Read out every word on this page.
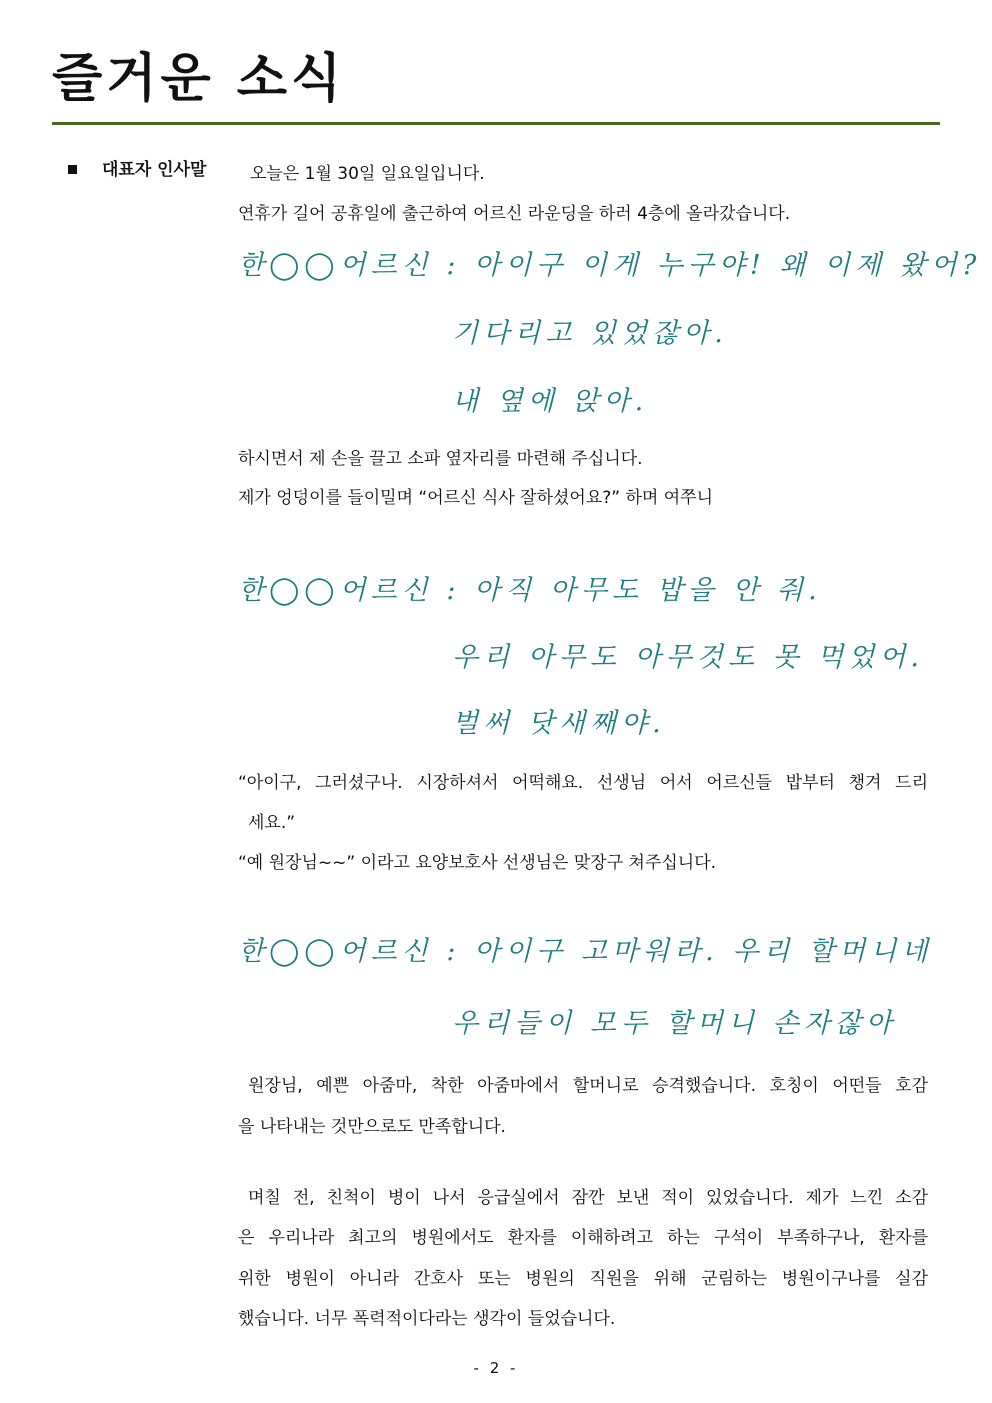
즐거운 소식
대표자 인사말	오늘은 1월 30일 일요일입니다.
연휴가 길어 공휴일에 출근하여 어르신 라운딩을 하러 4층에 올라갔습니다.
한◯◯어르신 : 아이구 이게 누구야! 왜 이제 왔어?
기다리고 있었잖아.
내 옆에 앉아.
하시면서 제 손을 끌고 소파 옆자리를 마련해 주십니다.
제가 엉덩이를 들이밀며 “어르신 식사 잘하셨어요?” 하며 여쭈니
한◯◯어르신 : 아직 아무도 밥을 안 줘.
우리 아무도 아무것도 못 먹었어.
벌써 닷새째야.
“아이구, 그러셨구나. 시장하셔서 어떡해요. 선생님 어서 어르신들 밥부터 챙겨 드리
세요.”
“예 원장님~~” 이라고 요양보호사 선생님은 맞장구 쳐주십니다.
한◯◯어르신 : 아이구 고마워라. 우리 할머니네
우리들이 모두 할머니 손자잖아
원장님, 예쁜 아줌마, 착한 아줌마에서 할머니로 승격했습니다. 호칭이 어떤들 호감
을 나타내는 것만으로도 만족합니다.
며칠 전, 친척이 병이 나서 응급실에서 잠깐 보낸 적이 있었습니다. 제가 느낀 소감
은 우리나라 최고의 병원에서도 환자를 이해하려고 하는 구석이 부족하구나, 환자를
위한 병원이 아니라 간호사 또는 병원의 직원을 위해 군림하는 병원이구나를 실감
했습니다. 너무 폭력적이다라는 생각이 들었습니다.
- 2 -
